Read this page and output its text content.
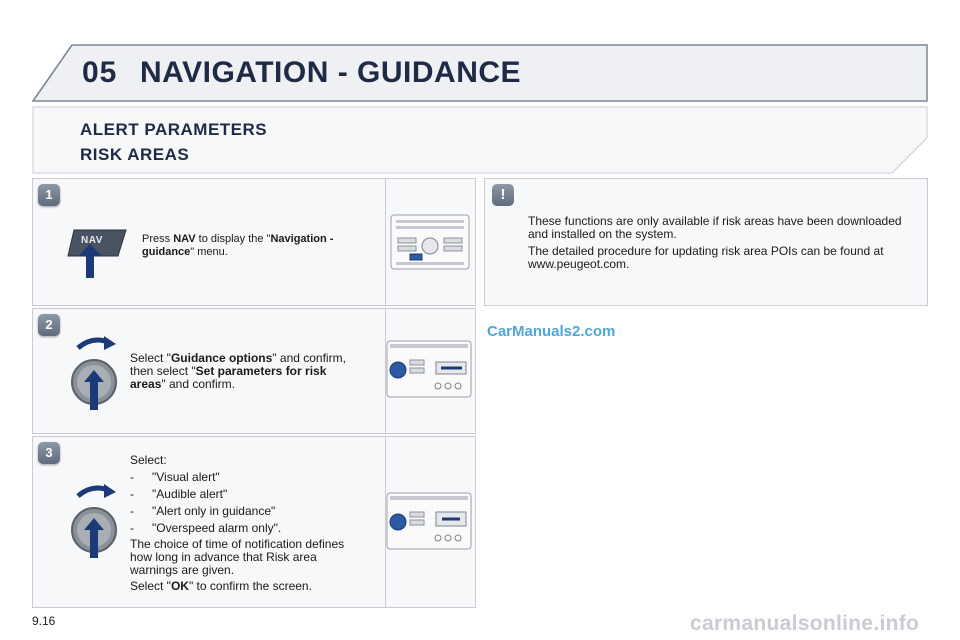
05 NAVIGATION - GUIDANCE
ALERT PARAMETERS
RISK AREAS
1
NAV	Press NAV to display the "Navigation - guidance" menu.
2
Select "Guidance options" and confirm, then select "Set parameters for risk areas" and confirm.
3	Select:
- "Visual alert"
- "Audible alert"
- "Alert only in guidance"
- "Overspeed alarm only".
The choice of time of notification defines how long in advance that Risk area warnings are given.
Select "OK" to confirm the screen.
!
These functions are only available if risk areas have been downloaded and installed on the system.
The detailed procedure for updating risk area POIs can be found at www.peugeot.com.
CarManuals2.com
9.16	carmanualsonline.info
